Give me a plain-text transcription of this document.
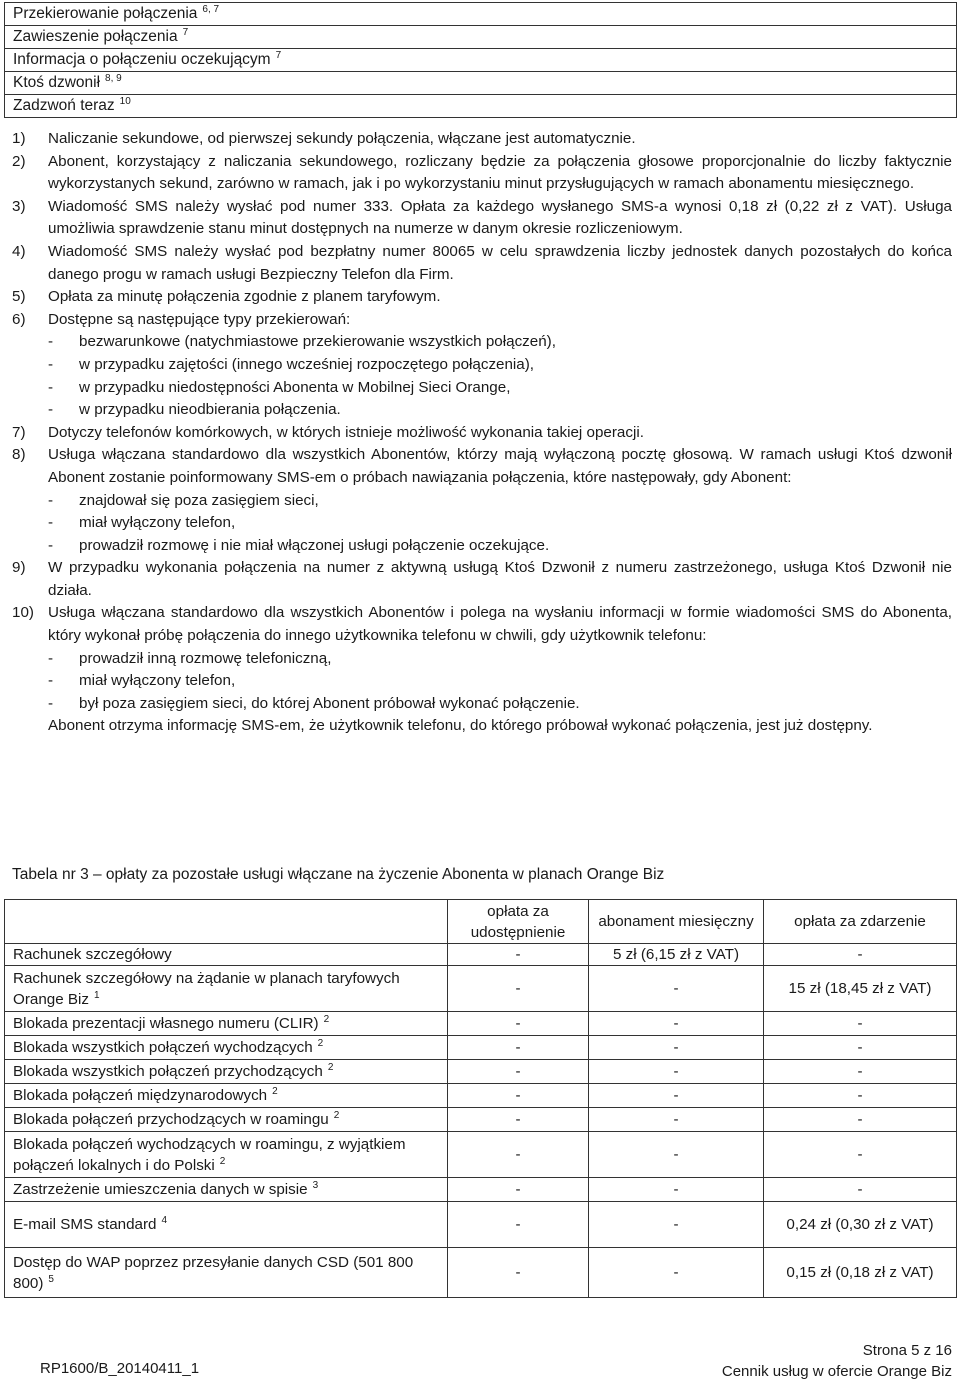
Przekierowanie połączenia $^{6, 7}$
Zawieszenie połączenia $^7$
Informacja o połączeniu oczekującym $^7$
Ktoś dzwonił $^{8, 9}$
Zadzwoń teraz $^{10}$
1)	Naliczanie sekundowe, od pierwszej sekundy połączenia, włączane jest automatycznie.
2)	Abonent, korzystający z naliczania sekundowego, rozliczany będzie za połączenia głosowe proporcjonalnie do liczby faktycznie wykorzystanych sekund, zarówno w ramach, jak i po wykorzystaniu minut przysługujących w ramach abonamentu miesięcznego.
3)	Wiadomość SMS należy wysłać pod numer 333. Opłata za każdego wysłanego SMS-a wynosi 0,18 zł (0,22 zł z VAT). Usługa umożliwia sprawdzenie stanu minut dostępnych na numerze w danym okresie rozliczeniowym.
4)	Wiadomość SMS należy wysłać pod bezpłatny numer 80065 w celu sprawdzenia liczby jednostek danych pozostałych do końca danego progu w ramach usługi Bezpieczny Telefon dla Firm.
5)	Opłata za minutę połączenia zgodnie z planem taryfowym.
6)	Dostępne są następujące typy przekierowań:
-	bezwarunkowe (natychmiastowe przekierowanie wszystkich połączeń),
-	w przypadku zajętości (innego wcześniej rozpoczętego połączenia),
-	w przypadku niedostępności Abonenta w Mobilnej Sieci Orange,
-	w przypadku nieodbierania połączenia.
7)	Dotyczy telefonów komórkowych, w których istnieje możliwość wykonania takiej operacji.
8)	Usługa włączana standardowo dla wszystkich Abonentów, którzy mają wyłączoną pocztę głosową. W ramach usługi Ktoś dzwonił Abonent zostanie poinformowany SMS-em o próbach nawiązania połączenia, które następowały, gdy Abonent:
-	znajdował się poza zasięgiem sieci,
-	miał wyłączony telefon,
-	prowadził rozmowę i nie miał włączonej usługi połączenie oczekujące.
9)	W przypadku wykonania połączenia na numer z aktywną usługą Ktoś Dzwonił z numeru zastrzeżonego, usługa Ktoś Dzwonił nie działa.
10) Usługa włączana standardowo dla wszystkich Abonentów i polega na wysłaniu informacji w formie wiadomości SMS do Abonenta, który wykonał próbę połączenia do innego użytkownika telefonu w chwili, gdy użytkownik telefonu:
-	prowadził inną rozmowę telefoniczną,
-	miał wyłączony telefon,
-	był poza zasięgiem sieci, do której Abonent próbował wykonać połączenie.
Abonent otrzyma informację SMS-em, że użytkownik telefonu, do którego próbował wykonać połączenia, jest już dostępny.
Tabela nr 3 – opłaty za pozostałe usługi włączane na życzenie Abonenta w planach Orange Biz
	opłata za udostępnienie	abonament miesięczny	opłata za zdarzenie
Rachunek szczegółowy	-	5 zł (6,15 zł z VAT)	-
Rachunek szczegółowy na żądanie w planach taryfowych Orange Biz $^1$	-	-	15 zł (18,45 zł z VAT)
Blokada prezentacji własnego numeru (CLIR) $^2$	-	-	-
Blokada wszystkich połączeń wychodzących $^2$	-	-	-
Blokada wszystkich połączeń przychodzących $^2$	-	-	-
Blokada połączeń międzynarodowych $^2$	-	-	-
Blokada połączeń przychodzących w roamingu $^2$	-	-	-
Blokada połączeń wychodzących w roamingu, z wyjątkiem połączeń lokalnych i do Polski $^2$	-	-	-
Zastrzeżenie umieszczenia danych w spisie $^3$	-	-	-
E-mail SMS standard $^4$	-	-	0,24 zł (0,30 zł z VAT)
Dostęp do WAP poprzez przesyłanie danych CSD (501 800 800) $^5$	-	-	0,15 zł (0,18 zł z VAT)
RP1600/B_20140411_1
Strona 5 z 16
Cennik usług w ofercie Orange Biz
